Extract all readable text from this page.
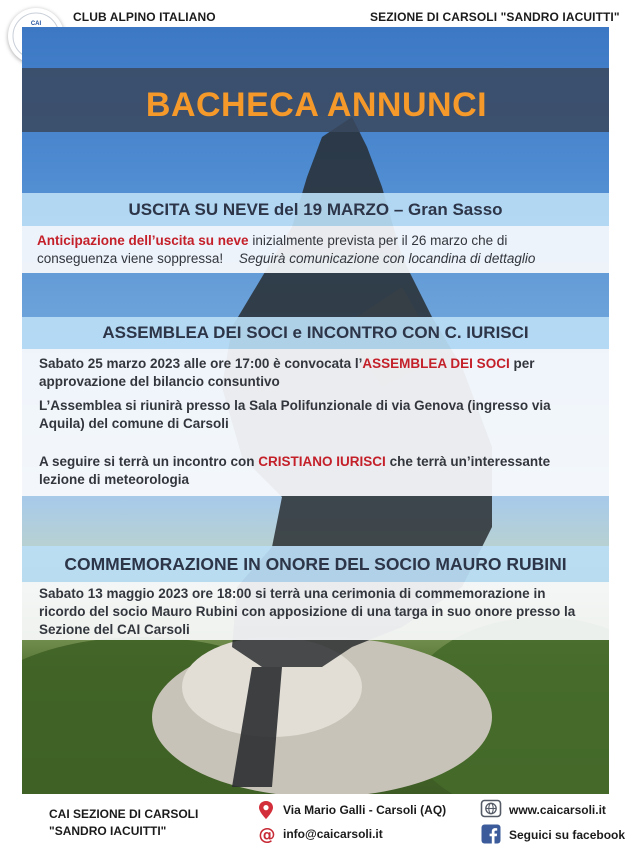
CAI	CLUB ALPINO ITALIANO	SEZIONE DI CARSOLI "SANDRO IACUITTI"
BACHECA ANNUNCI
USCITA SU NEVE del 19 MARZO – Gran Sasso
Anticipazione dell’uscita su neve inizialmente prevista per il 26 marzo che di
conseguenza viene soppressa! Seguirà comunicazione con locandina di dettaglio
ASSEMBLEA DEI SOCI e INCONTRO CON C. IURISCI
Sabato 25 marzo 2023 alle ore 17:00 è convocata l’ASSEMBLEA DEI SOCI per
approvazione del bilancio consuntivo
L’Assemblea si riunirà presso la Sala Polifunzionale di via Genova (ingresso via
Aquila) del comune di Carsoli
A seguire si terrà un incontro con CRISTIANO IURISCI che terrà un’interessante
lezione di meteorologia
COMMEMORAZIONE IN ONORE DEL SOCIO MAURO RUBINI
Sabato 13 maggio 2023 ore 18:00 si terrà una cerimonia di commemorazione in
ricordo del socio Mauro Rubini con apposizione di una targa in suo onore presso la
Sezione del CAI Carsoli
CAI SEZIONE DI CARSOLI
"SANDRO IACUITTI"
Via Mario Galli - Carsoli (AQ)
@ info@caicarsoli.it
www.caicarsoli.it
Seguici su facebook
